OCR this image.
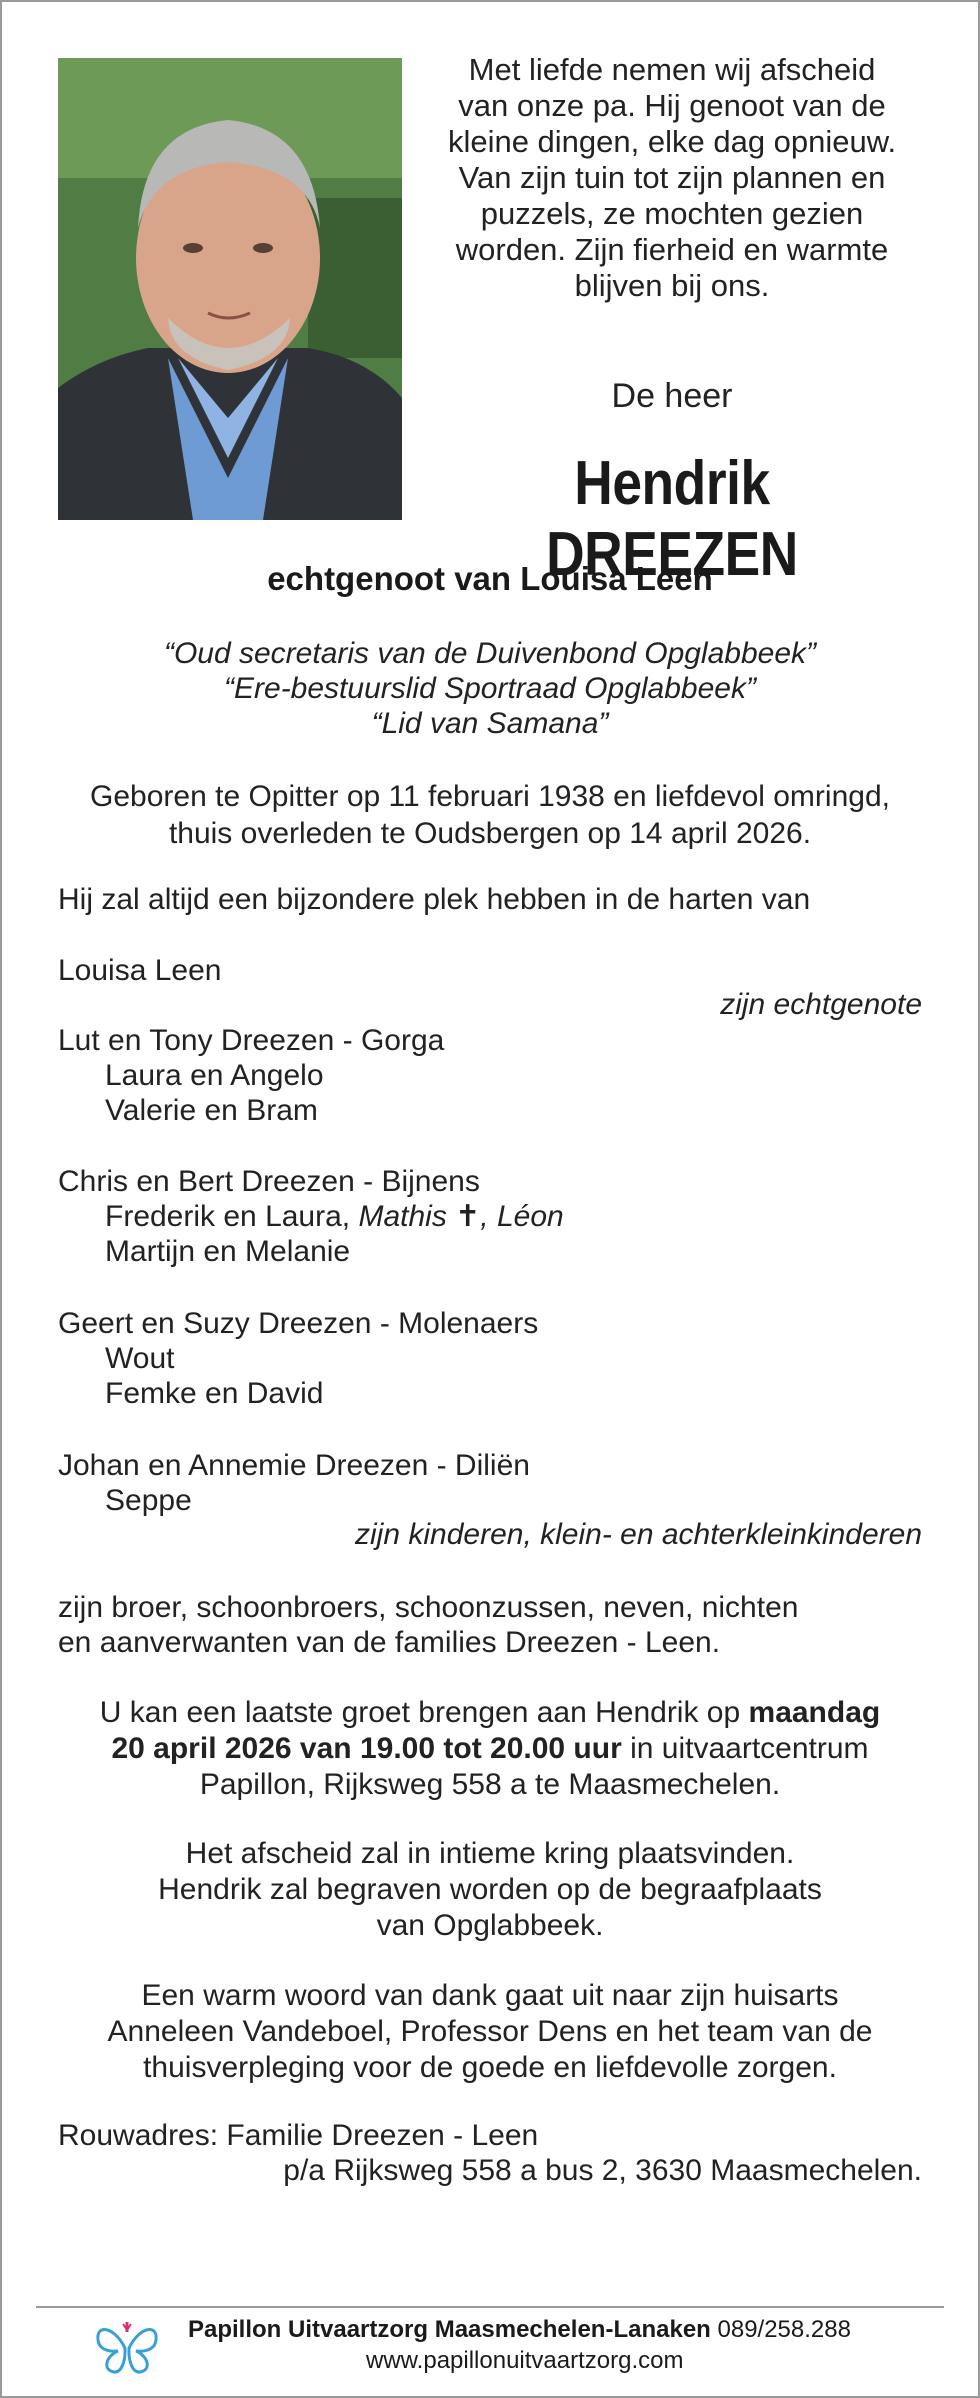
Met liefde nemen wij afscheid
van onze pa. Hij genoot van de
kleine dingen, elke dag opnieuw.
Van zijn tuin tot zijn plannen en
puzzels, ze mochten gezien
worden. Zijn fierheid en warmte
blijven bij ons.
De heer
Hendrik DREEZEN
echtgenoot van Louisa Leen
“Oud secretaris van de Duivenbond Opglabbeek”
“Ere-bestuurslid Sportraad Opglabbeek”
“Lid van Samana”
Geboren te Opitter op 11 februari 1938 en liefdevol omringd,
thuis overleden te Oudsbergen op 14 april 2026.
Hij zal altijd een bijzondere plek hebben in de harten van
Louisa Leen
zijn echtgenote
Lut en Tony Dreezen - Gorga
Laura en Angelo
Valerie en Bram
Chris en Bert Dreezen - Bijnens
Frederik en Laura, Mathis ✝, Léon
Martijn en Melanie
Geert en Suzy Dreezen - Molenaers
Wout
Femke en David
Johan en Annemie Dreezen - Diliën
Seppe
zijn kinderen, klein- en achterkleinkinderen
zijn broer, schoonbroers, schoonzussen, neven, nichten
en aanverwanten van de families Dreezen - Leen.
U kan een laatste groet brengen aan Hendrik op maandag
20 april 2026 van 19.00 tot 20.00 uur in uitvaartcentrum
Papillon, Rijksweg 558 a te Maasmechelen.
Het afscheid zal in intieme kring plaatsvinden.
Hendrik zal begraven worden op de begraafplaats
van Opglabbeek.
Een warm woord van dank gaat uit naar zijn huisarts
Anneleen Vandeboel, Professor Dens en het team van de
thuisverpleging voor de goede en liefdevolle zorgen.
Rouwadres: Familie Dreezen - Leen
p/a Rijksweg 558 a bus 2, 3630 Maasmechelen.
Papillon Uitvaartzorg Maasmechelen-Lanaken 089/258.288
www.papillonuitvaartzorg.com
